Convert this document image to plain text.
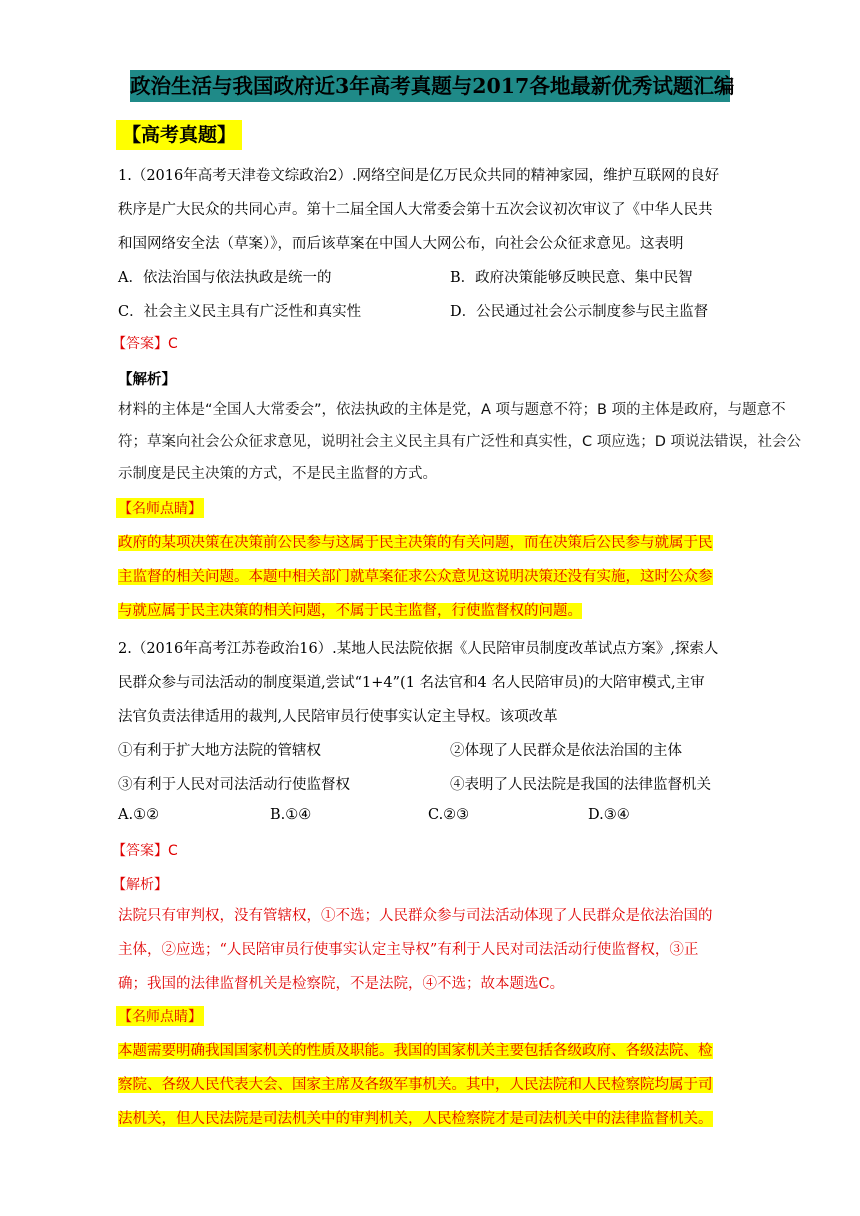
政治生活与我国政府近3年高考真题与2017各地最新优秀试题汇编
【高考真题】
1.（2016年高考天津卷文综政治2）.网络空间是亿万民众共同的精神家园，维护互联网的良好
秩序是广大民众的共同心声。第十二届全国人大常委会第十五次会议初次审议了《中华人民共
和国网络安全法（草案）》，而后该草案在中国人大网公布，向社会公众征求意见。这表明
A．依法治国与依法执政是统一的	B．政府决策能够反映民意、集中民智
C．社会主义民主具有广泛性和真实性	D．公民通过社会公示制度参与民主监督
【答案】C
【解析】
材料的主体是“全国人大常委会”，依法执政的主体是党，A 项与题意不符；B 项的主体是政府，与题意不
符；草案向社会公众征求意见，说明社会主义民主具有广泛性和真实性，C 项应选；D 项说法错误，社会公
示制度是民主决策的方式，不是民主监督的方式。
【名师点睛】
政府的某项决策在决策前公民参与这属于民主决策的有关问题，而在决策后公民参与就属于民
主监督的相关问题。本题中相关部门就草案征求公众意见这说明决策还没有实施，这时公众参
与就应属于民主决策的相关问题，不属于民主监督，行使监督权的问题。
2.（2016年高考江苏卷政治16）.某地人民法院依据《人民陪审员制度改革试点方案》,探索人
民群众参与司法活动的制度渠道,尝试“1+4”(1 名法官和4 名人民陪审员)的大陪审模式,主审
法官负责法律适用的裁判,人民陪审员行使事实认定主导权。该项改革
①有利于扩大地方法院的管辖权	②体现了人民群众是依法治国的主体
③有利于人民对司法活动行使监督权	④表明了人民法院是我国的法律监督机关
A.①②	B.①④	C.②③	D.③④
【答案】C
【解析】
法院只有审判权，没有管辖权，①不选；人民群众参与司法活动体现了人民群众是依法治国的
主体，②应选；“人民陪审员行使事实认定主导权”有利于人民对司法活动行使监督权，③正
确；我国的法律监督机关是检察院，不是法院，④不选；故本题选C。
【名师点睛】
本题需要明确我国国家机关的性质及职能。我国的国家机关主要包括各级政府、各级法院、检
察院、各级人民代表大会、国家主席及各级军事机关。其中，人民法院和人民检察院均属于司
法机关，但人民法院是司法机关中的审判机关，人民检察院才是司法机关中的法律监督机关。
